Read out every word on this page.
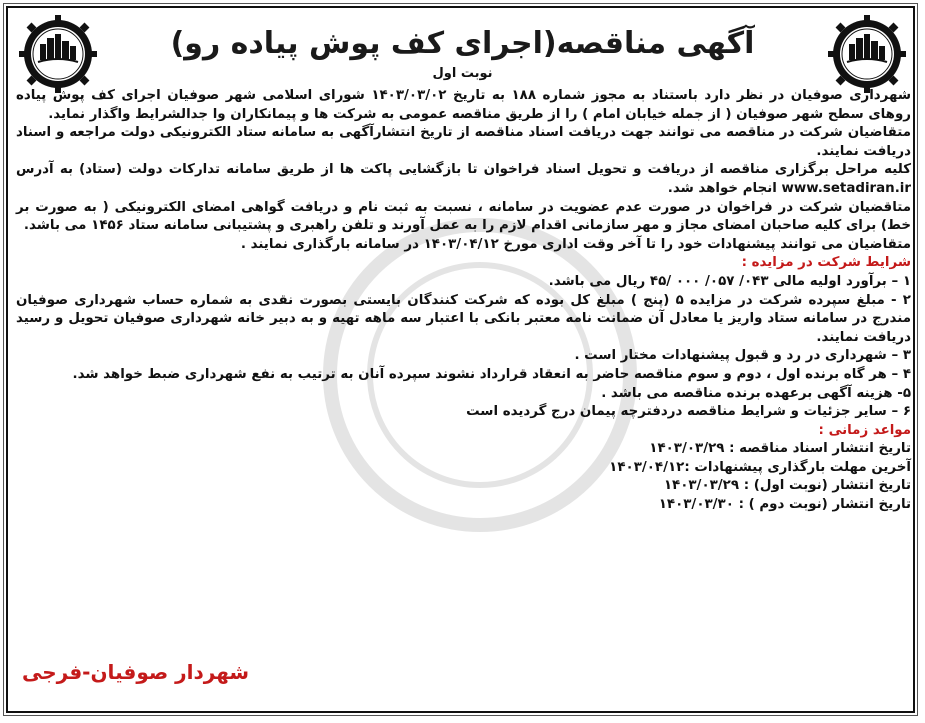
آگهی مناقصه(اجرای کف پوش پیاده رو)
نوبت اول

شهرداری صوفیان در نظر دارد باستناد به مجوز شماره ۱۸۸ به تاریخ ۱۴۰۳/۰۳/۰۲ شورای اسلامی شهر صوفیان اجرای کف پوش پیاده روهای سطح شهر صوفیان ( از جمله خیابان امام ) را از طریق مناقصه عمومی به شرکت ها و پیمانکاران وا جدالشرایط واگذار نماید.

متقاضیان شرکت در مناقصه می توانند جهت دریافت اسناد مناقصه از تاریخ انتشارآگهی به سامانه ستاد الکترونیکی دولت مراجعه و اسناد دریافت نمایند.

کلیه مراحل برگزاری مناقصه از دریافت و تحویل اسناد فراخوان تا بازگشایی پاکت ها از طریق سامانه تدارکات دولت (ستاد) به آدرس www.setadiran.ir انجام خواهد شد.

متاقضیان شرکت در فراخوان در صورت عدم عضویت در سامانه ، نسبت به ثبت نام و دریافت گواهی امضای الکترونیکی ( به صورت بر خط) برای کلیه صاحبان امضای مجاز و مهر سازمانی اقدام لازم را به عمل آورند و تلفن راهبری و پشتیبانی سامانه ستاد ۱۴۵۶ می باشد.

متقاضیان می توانند پیشنهادات خود را تا آخر وقت اداری مورخ ۱۴۰۳/۰۴/۱۲ در سامانه بارگذاری نمایند .

شرایط شرکت در مزایده :

۱ – برآورد اولیه مالی ۰۴۳/ ۰۵۷/ ۰۰۰ /۴۵ ریال می باشد.

۲ - مبلغ سپرده شرکت در مزایده ۵ (پنج ) مبلغ کل بوده که شرکت کنندگان بایستی بصورت نقدی به شماره حساب شهرداری صوفیان مندرج در سامانه ستاد واریز یا معادل آن ضمانت نامه معتبر بانکی با اعتبار سه ماهه تهیه و به دبیر خانه شهرداری صوفیان تحویل و رسید دریافت نمایند.

۳ – شهرداری در رد و قبول پیشنهادات مختار است .

۴ – هر گاه برنده اول ، دوم و سوم مناقصه حاضر به انعقاد قرارداد نشوند سپرده آنان به ترتیب به نفع شهرداری ضبط خواهد شد.

۵- هزینه آگهی برعهده برنده مناقصه می باشد .

۶ – سایر جزئیات و شرایط مناقصه دردفترچه پیمان درج گردیده است

مواعد زمانی :

تاریخ انتشار اسناد مناقصه : ۱۴۰۳/۰۳/۲۹

آخرین مهلت بارگذاری پیشنهادات :۱۴۰۳/۰۴/۱۲

تاریخ انتشار (نوبت اول) : ۱۴۰۳/۰۳/۲۹

تاریخ انتشار (نوبت دوم ) : ۱۴۰۳/۰۳/۳۰

شهردار صوفیان-فرجی
